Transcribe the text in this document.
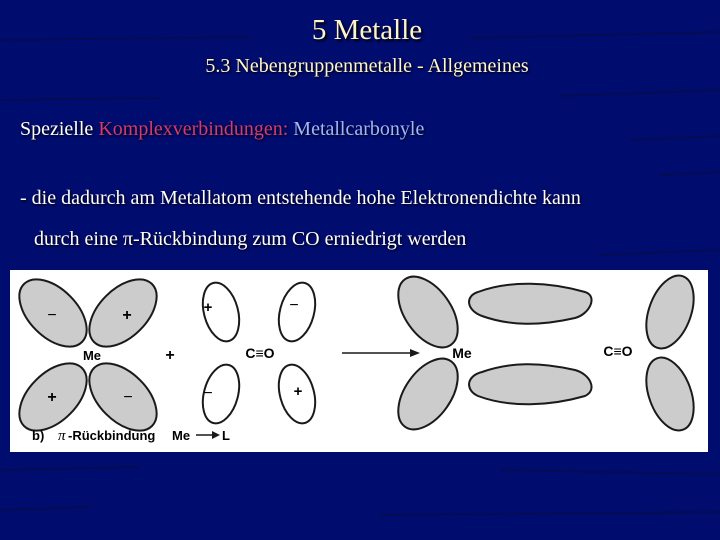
5 Metalle
5.3 Nebengruppenmetalle - Allgemeines
Spezielle Komplexverbindungen: Metallcarbonyle
- die dadurch am Metallatom entstehende hohe Elektronendichte kann
durch eine π-Rückbindung zum CO erniedrigt werden
Me
−	+
+	−
+
+	−
−	+
C≡O	Me	C≡O
b) π -Rückbindung Me L
